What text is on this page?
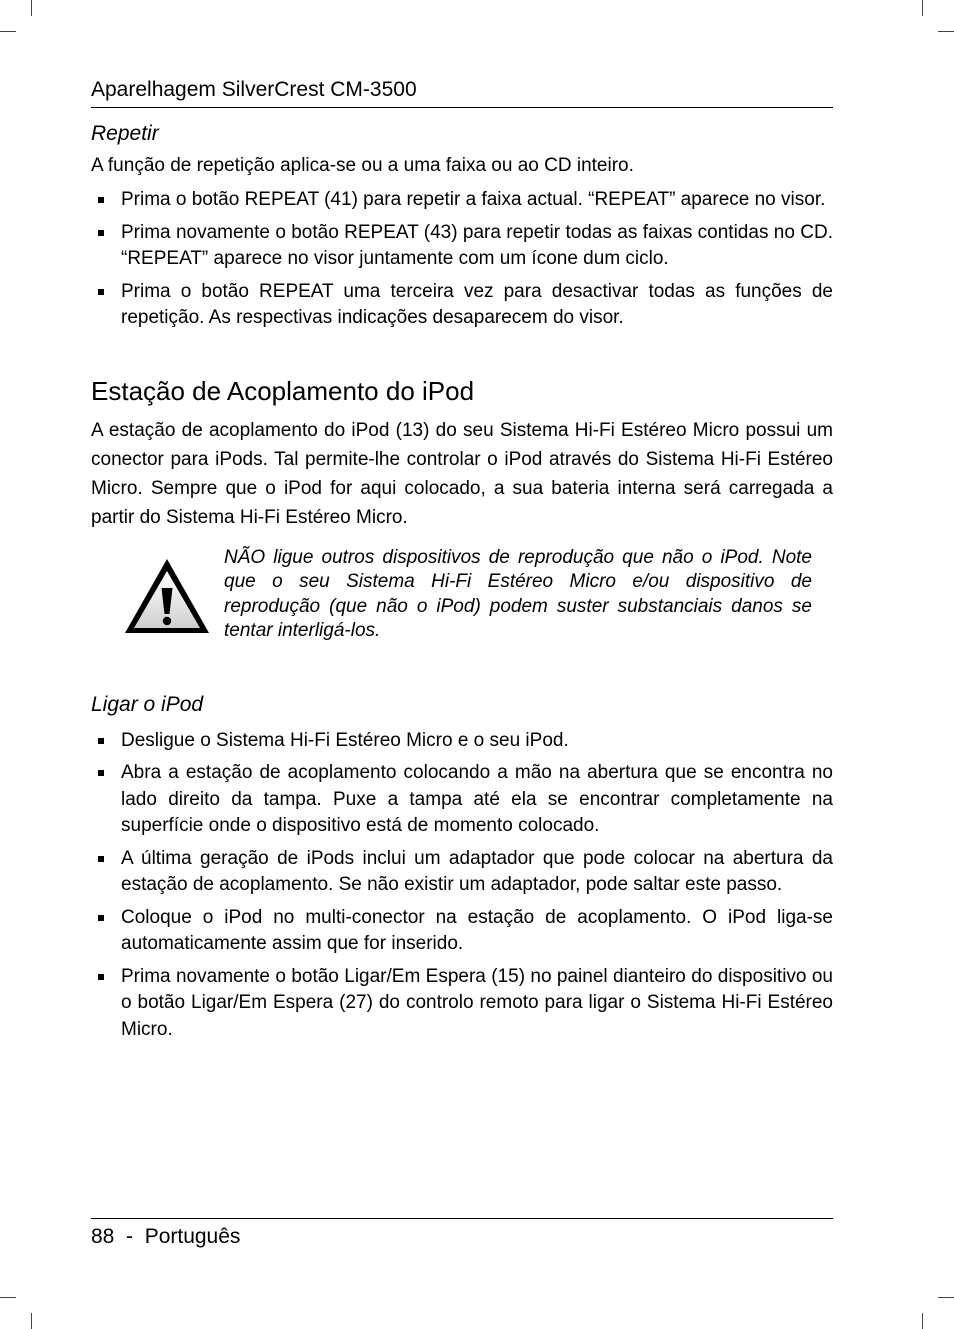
Aparelhagem SilverCrest CM-3500

Repetir

A função de repetição aplica-se ou a uma faixa ou ao CD inteiro.

Prima o botão REPEAT (41) para repetir a faixa actual. “REPEAT” aparece no visor.
Prima novamente o botão REPEAT (43) para repetir todas as faixas contidas no CD. “REPEAT” aparece no visor juntamente com um ícone dum ciclo.
Prima o botão REPEAT uma terceira vez para desactivar todas as funções de repetição. As respectivas indicações desaparecem do visor.
Estação de Acoplamento do iPod

A estação de acoplamento do iPod (13) do seu Sistema Hi-Fi Estéreo Micro possui um conector para iPods. Tal permite-lhe controlar o iPod através do Sistema Hi-Fi Estéreo Micro. Sempre que o iPod for aqui colocado, a sua bateria interna será carregada a partir do Sistema Hi-Fi Estéreo Micro.

NÃO ligue outros dispositivos de reprodução que não o iPod. Note que o seu Sistema Hi-Fi Estéreo Micro e/ou dispositivo de reprodução (que não o iPod) podem suster substanciais danos se tentar interligá-los.

Ligar o iPod

Desligue o Sistema Hi-Fi Estéreo Micro e o seu iPod.
Abra a estação de acoplamento colocando a mão na abertura que se encontra no lado direito da tampa. Puxe a tampa até ela se encontrar completamente na superfície onde o dispositivo está de momento colocado.
A última geração de iPods inclui um adaptador que pode colocar na abertura da estação de acoplamento. Se não existir um adaptador, pode saltar este passo.
Coloque o iPod no multi-conector na estação de acoplamento. O iPod liga-se automaticamente assim que for inserido.
Prima novamente o botão Ligar/Em Espera (15) no painel dianteiro do dispositivo ou o botão Ligar/Em Espera (27) do controlo remoto para ligar o Sistema Hi-Fi Estéreo Micro.
88  -  Português
